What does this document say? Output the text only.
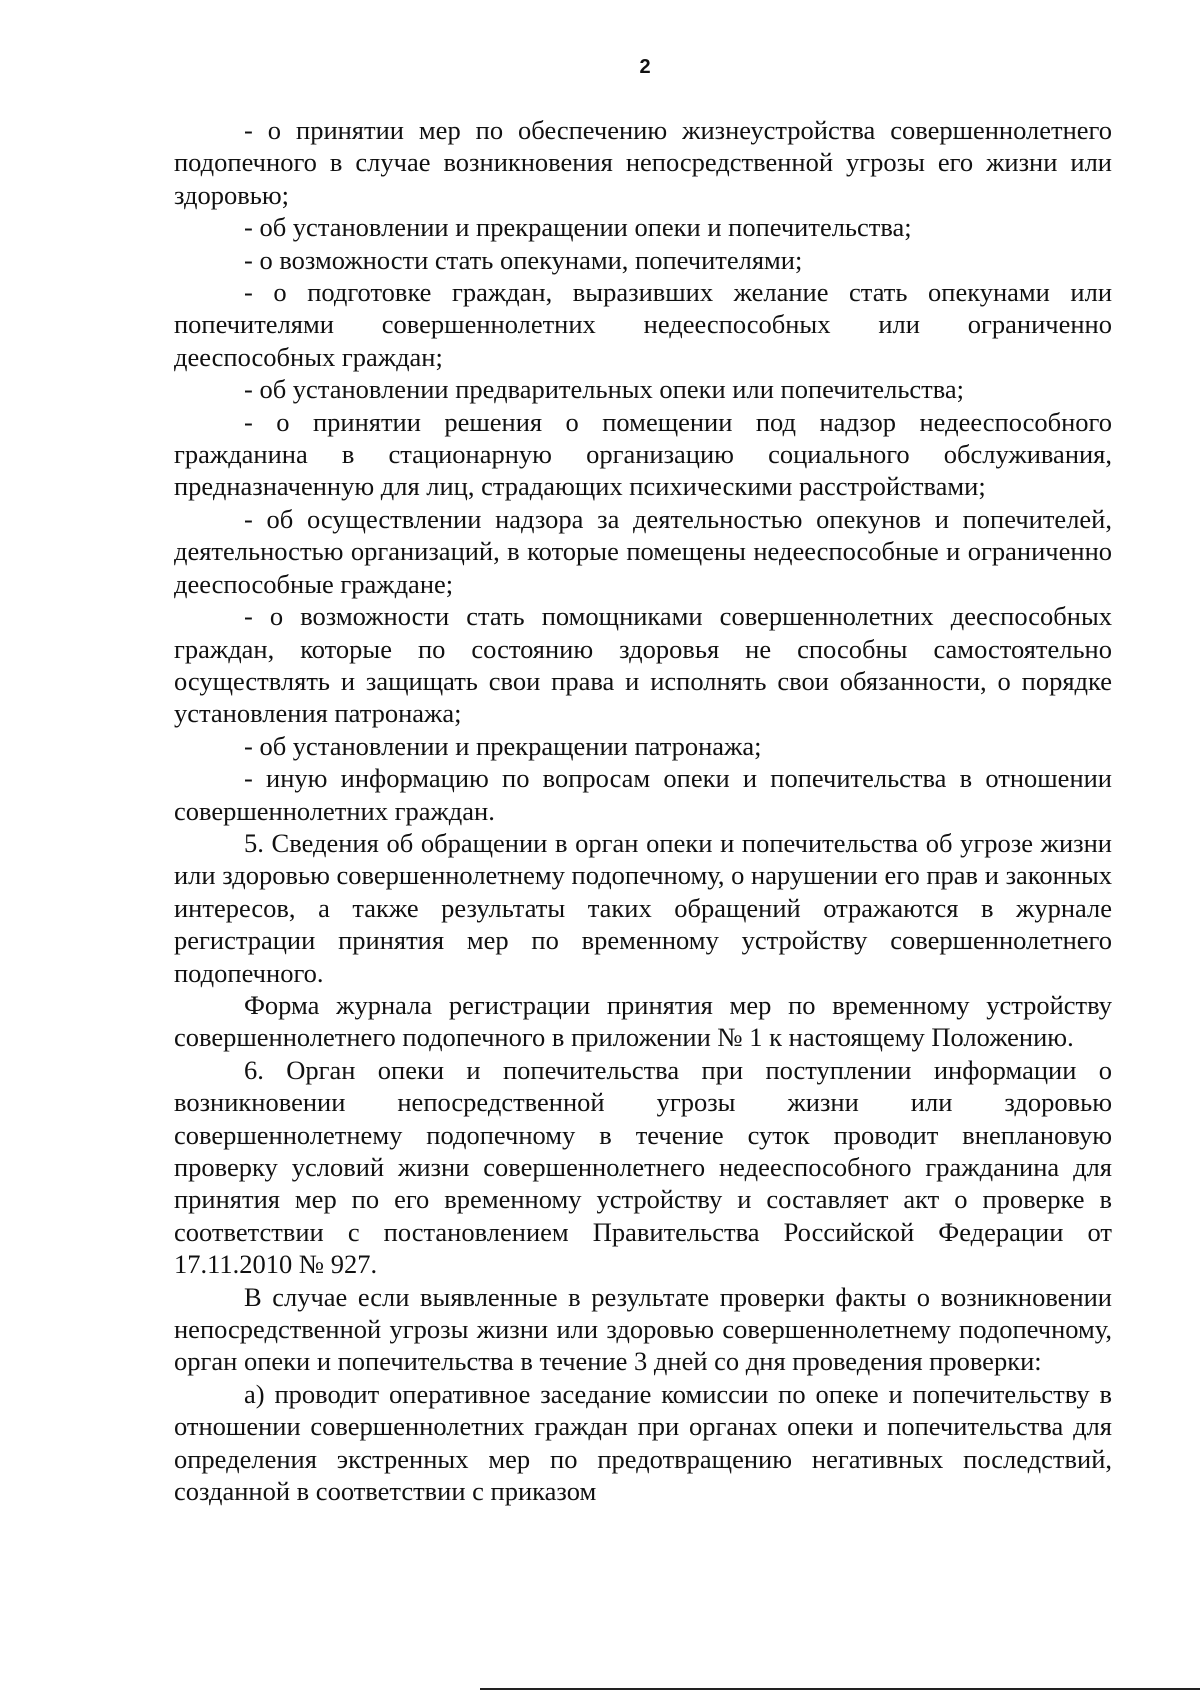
2

- о принятии мер по обеспечению жизнеустройства совершеннолетнего подопечного в случае возникновения непосредственной угрозы его жизни или здоровью;

- об установлении и прекращении опеки и попечительства;

- о возможности стать опекунами, попечителями;

- о подготовке граждан, выразивших желание стать опекунами или попечителями совершеннолетних недееспособных или ограниченно дееспособных граждан;

- об установлении предварительных опеки или попечительства;

- о принятии решения о помещении под надзор недееспособного гражданина в стационарную организацию социального обслуживания, предназначенную для лиц, страдающих психическими расстройствами;

- об осуществлении надзора за деятельностью опекунов и попечителей, деятельностью организаций, в которые помещены недееспособные и ограниченно дееспособные граждане;

- о возможности стать помощниками совершеннолетних дееспособных граждан, которые по состоянию здоровья не способны самостоятельно осуществлять и защищать свои права и исполнять свои обязанности, о порядке установления патронажа;

- об установлении и прекращении патронажа;

- иную информацию по вопросам опеки и попечительства в отношении совершеннолетних граждан.

5. Сведения об обращении в орган опеки и попечительства об угрозе жизни или здоровью совершеннолетнему подопечному, о нарушении его прав и законных интересов, а также результаты таких обращений отражаются в журнале регистрации принятия мер по временному устройству совершеннолетнего подопечного.

Форма журнала регистрации принятия мер по временному устройству совершеннолетнего подопечного в приложении № 1 к настоящему Положению.

6. Орган опеки и попечительства при поступлении информации о возникновении непосредственной угрозы жизни или здоровью совершеннолетнему подопечному в течение суток проводит внеплановую проверку условий жизни совершеннолетнего недееспособного гражданина для принятия мер по его временному устройству и составляет акт о проверке в соответствии с постановлением Правительства Российской Федерации от 17.11.2010 № 927.

В случае если выявленные в результате проверки факты о возникновении непосредственной угрозы жизни или здоровью совершеннолетнему подопечному, орган опеки и попечительства в течение 3 дней со дня проведения проверки:

а) проводит оперативное заседание комиссии по опеке и попечительству в отношении совершеннолетних граждан при органах опеки и попечительства для определения экстренных мер по предотвращению негативных последствий, созданной в соответствии с приказом
